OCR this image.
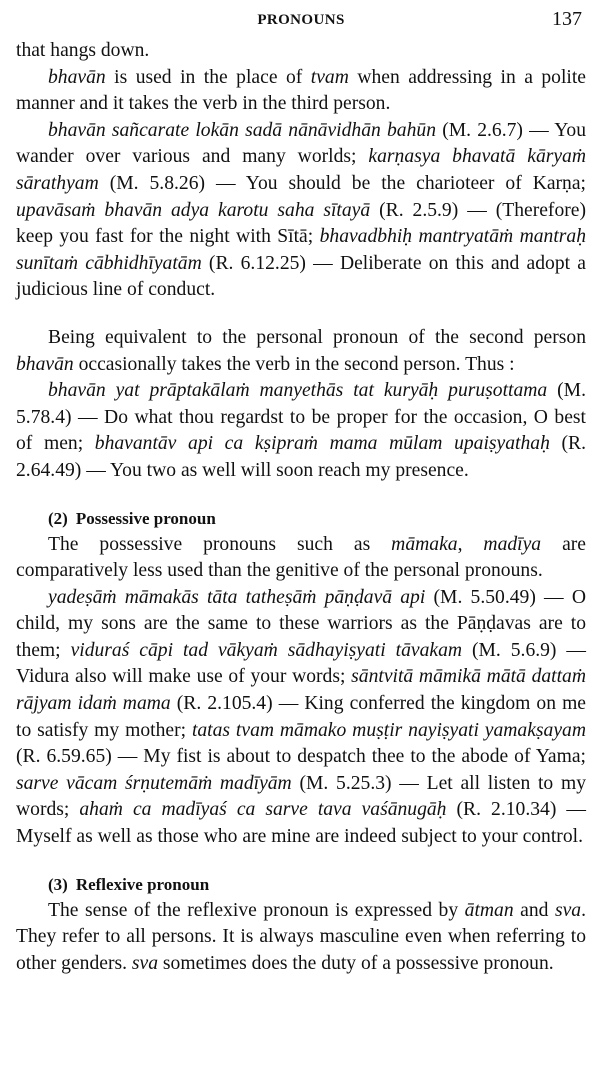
PRONOUNS	137

that hangs down.

bhavān is used in the place of tvam when addressing in a polite manner and it takes the verb in the third person.

bhavān sañcarate lokān sadā nānāvidhān bahūn (M. 2.6.7) — You wander over various and many worlds; karṇasya bhavatā kāryaṁ sārathyam (M. 5.8.26) — You should be the charioteer of Karṇa; upavāsaṁ bhavān adya karotu saha sītayā (R. 2.5.9) — (Therefore) keep you fast for the night with Sītā; bhavadbhiḥ mantryatāṁ mantraḥ sunītaṁ cābhidhīyatām (R. 6.12.25) — Deliberate on this and adopt a judicious line of conduct.

Being equivalent to the personal pronoun of the second person bhavān occasionally takes the verb in the second person. Thus :

bhavān yat prāptakālaṁ manyethās tat kuryāḥ puruṣottama (M. 5.78.4) — Do what thou regardst to be proper for the occasion, O best of men; bhavantāv api ca kṣipraṁ mama mūlam upaiṣyathaḥ (R. 2.64.49) — You two as well will soon reach my presence.

(2) Possessive pronoun

The possessive pronouns such as māmaka, madīya are comparatively less used than the genitive of the personal pronouns.

yadeṣāṁ māmakās tāta tatheṣāṁ pāṇḍavā api (M. 5.50.49) — O child, my sons are the same to these warriors as the Pāṇḍavas are to them; viduraś cāpi tad vākyaṁ sādhayiṣyati tāvakam (M. 5.6.9) — Vidura also will make use of your words; sāntvitā māmikā mātā dattaṁ rājyam idaṁ mama (R. 2.105.4) — King conferred the kingdom on me to satisfy my mother; tatas tvam māmako muṣṭir nayiṣyati yamakṣayam (R. 6.59.65) — My fist is about to despatch thee to the abode of Yama; sarve vācam śrṇutemāṁ madīyām (M. 5.25.3) — Let all listen to my words; ahaṁ ca madīyaś ca sarve tava vaśānugāḥ (R. 2.10.34) — Myself as well as those who are mine are indeed subject to your control.

(3) Reflexive pronoun

The sense of the reflexive pronoun is expressed by ātman and sva. They refer to all persons. It is always masculine even when referring to other genders. sva sometimes does the duty of a possessive pronoun.
